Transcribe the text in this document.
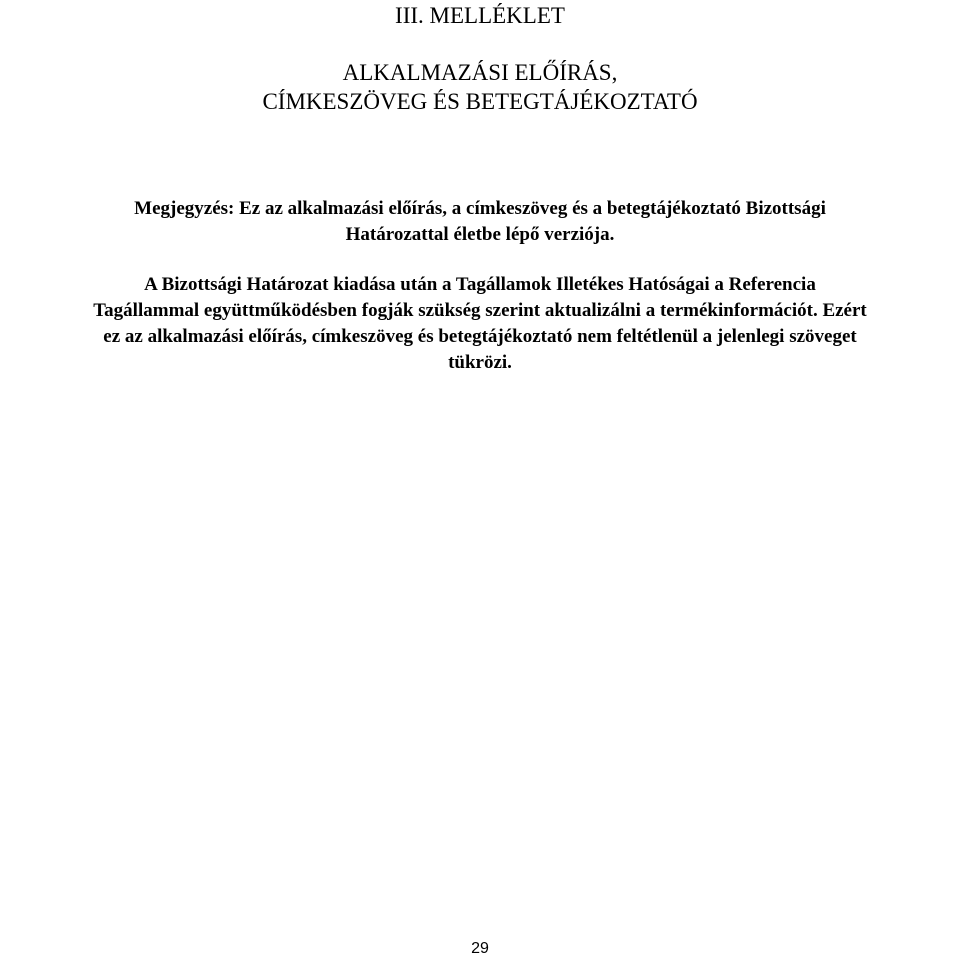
III. MELLÉKLET
ALKALMAZÁSI ELŐÍRÁS,
CÍMKESZÖVEG ÉS BETEGTÁJÉKOZTATÓ
Megjegyzés: Ez az alkalmazási előírás, a címkeszöveg és a betegtájékoztató Bizottsági
Határozattal életbe lépő verziója.
A Bizottsági Határozat kiadása után a Tagállamok Illetékes Hatóságai a Referencia
Tagállammal együttműködésben fogják szükség szerint aktualizálni a termékinformációt. Ezért
ez az alkalmazási előírás, címkeszöveg és betegtájékoztató nem feltétlenül a jelenlegi szöveget
tükrözi.
29
